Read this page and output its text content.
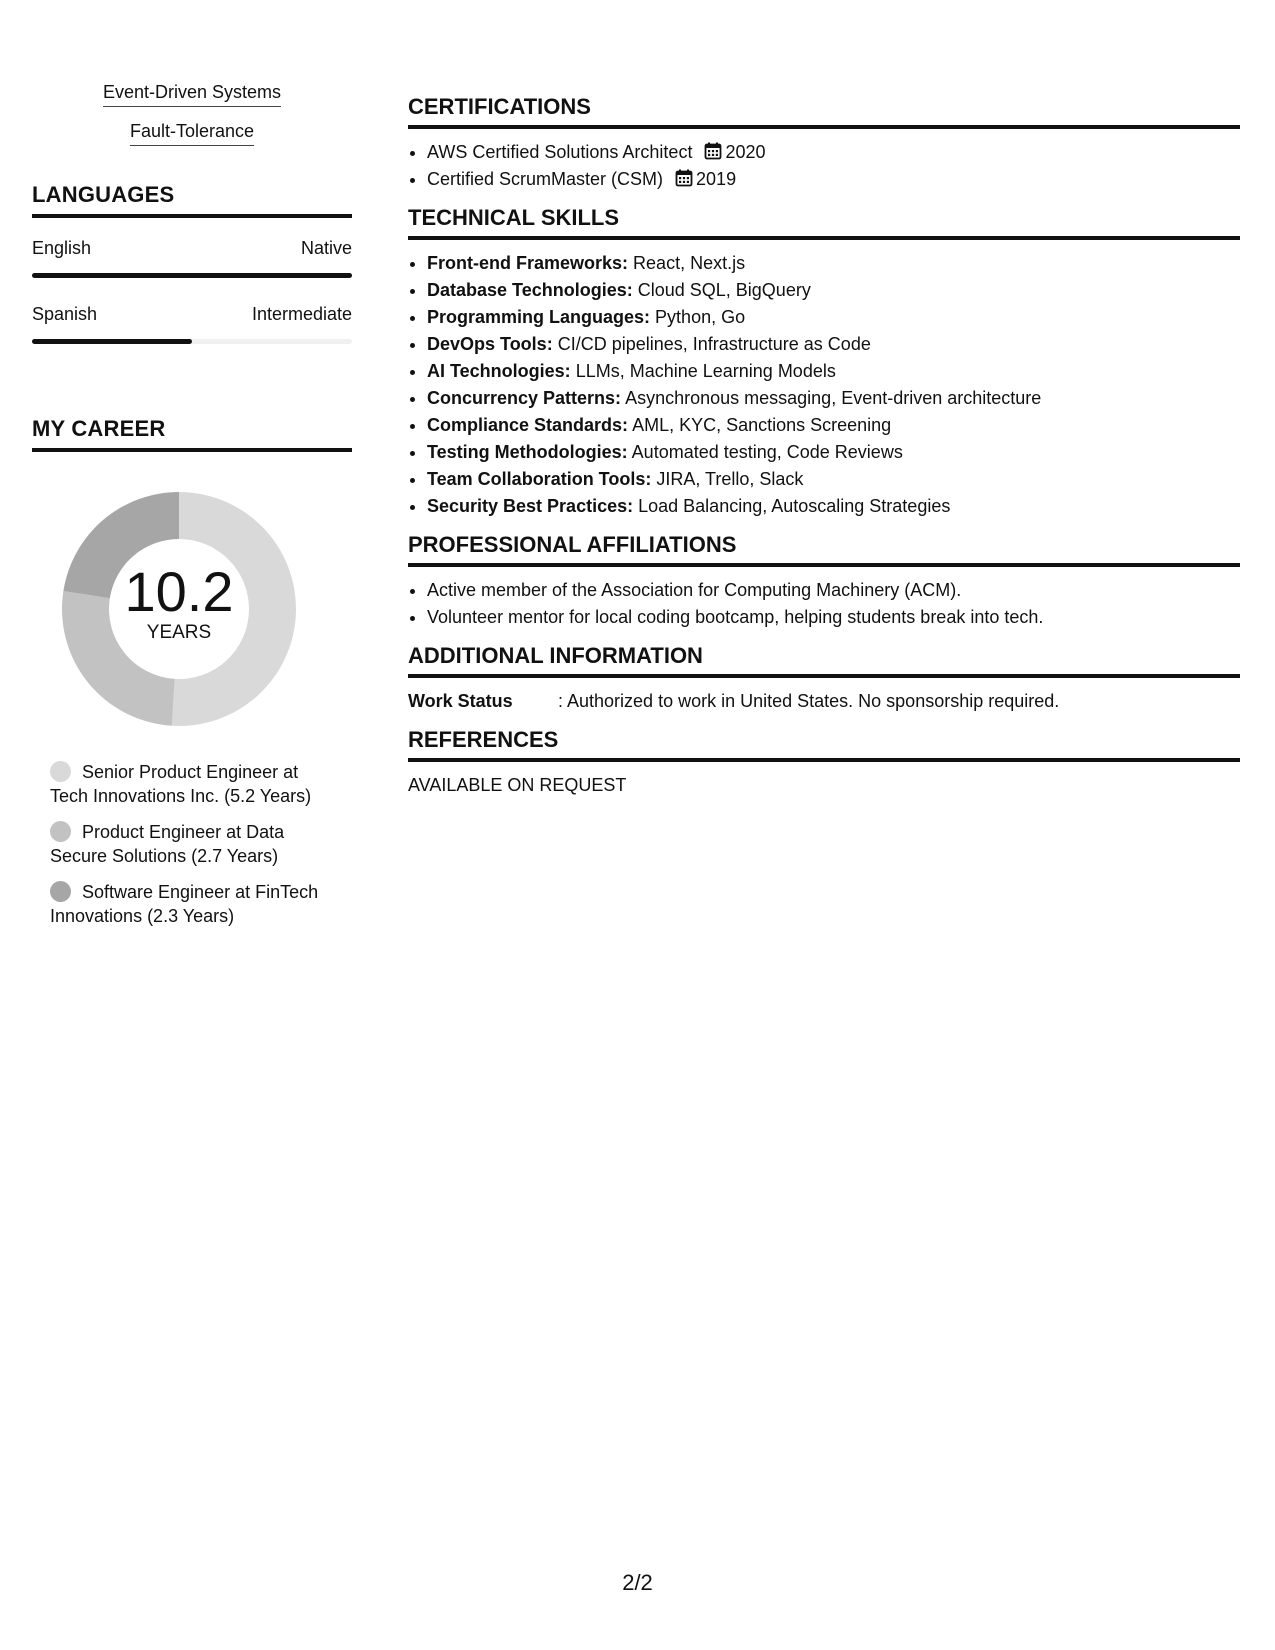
Event-Driven Systems
Fault-Tolerance
LANGUAGES
English	Native
Spanish	Intermediate
MY CAREER
10.2
YEARS
Senior Product Engineer at Tech Innovations Inc. (5.2 Years)
Product Engineer at Data Secure Solutions (2.7 Years)
Software Engineer at FinTech Innovations (2.3 Years)
CERTIFICATIONS
• AWS Certified Solutions Architect 2020
• Certified ScrumMaster (CSM) 2019
TECHNICAL SKILLS
• Front-end Frameworks: React, Next.js
• Database Technologies: Cloud SQL, BigQuery
• Programming Languages: Python, Go
• DevOps Tools: CI/CD pipelines, Infrastructure as Code
• AI Technologies: LLMs, Machine Learning Models
• Concurrency Patterns: Asynchronous messaging, Event-driven architecture
• Compliance Standards: AML, KYC, Sanctions Screening
• Testing Methodologies: Automated testing, Code Reviews
• Team Collaboration Tools: JIRA, Trello, Slack
• Security Best Practices: Load Balancing, Autoscaling Strategies
PROFESSIONAL AFFILIATIONS
• Active member of the Association for Computing Machinery (ACM).
• Volunteer mentor for local coding bootcamp, helping students break into tech.
ADDITIONAL INFORMATION
Work Status	: Authorized to work in United States. No sponsorship required.
REFERENCES
AVAILABLE ON REQUEST
2/2
